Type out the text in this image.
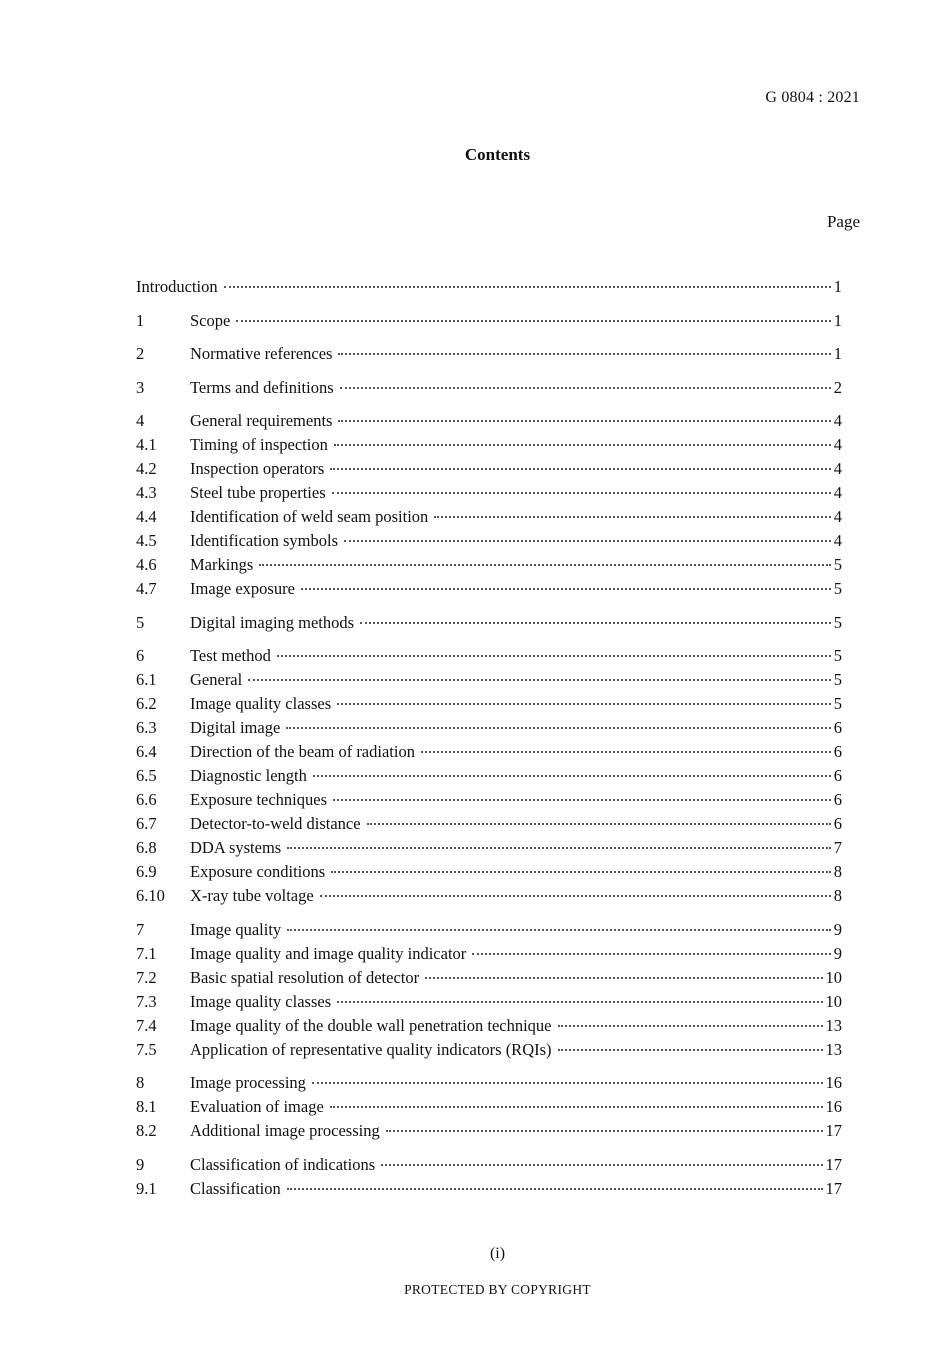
G 0804 : 2021
Contents
Page
Introduction	1
1	Scope	1
2	Normative references	1
3	Terms and definitions	2
4	General requirements	4
4.1	Timing of inspection	4
4.2	Inspection operators	4
4.3	Steel tube properties	4
4.4	Identification of weld seam position	4
4.5	Identification symbols	4
4.6	Markings	5
4.7	Image exposure	5
5	Digital imaging methods	5
6	Test method	5
6.1	General	5
6.2	Image quality classes	5
6.3	Digital image	6
6.4	Direction of the beam of radiation	6
6.5	Diagnostic length	6
6.6	Exposure techniques	6
6.7	Detector-to-weld distance	6
6.8	DDA systems	7
6.9	Exposure conditions	8
6.10	X-ray tube voltage	8
7	Image quality	9
7.1	Image quality and image quality indicator	9
7.2	Basic spatial resolution of detector	10
7.3	Image quality classes	10
7.4	Image quality of the double wall penetration technique	13
7.5	Application of representative quality indicators (RQIs)	13
8	Image processing	16
8.1	Evaluation of image	16
8.2	Additional image processing	17
9	Classification of indications	17
9.1	Classification	17
(i)
PROTECTED BY COPYRIGHT
